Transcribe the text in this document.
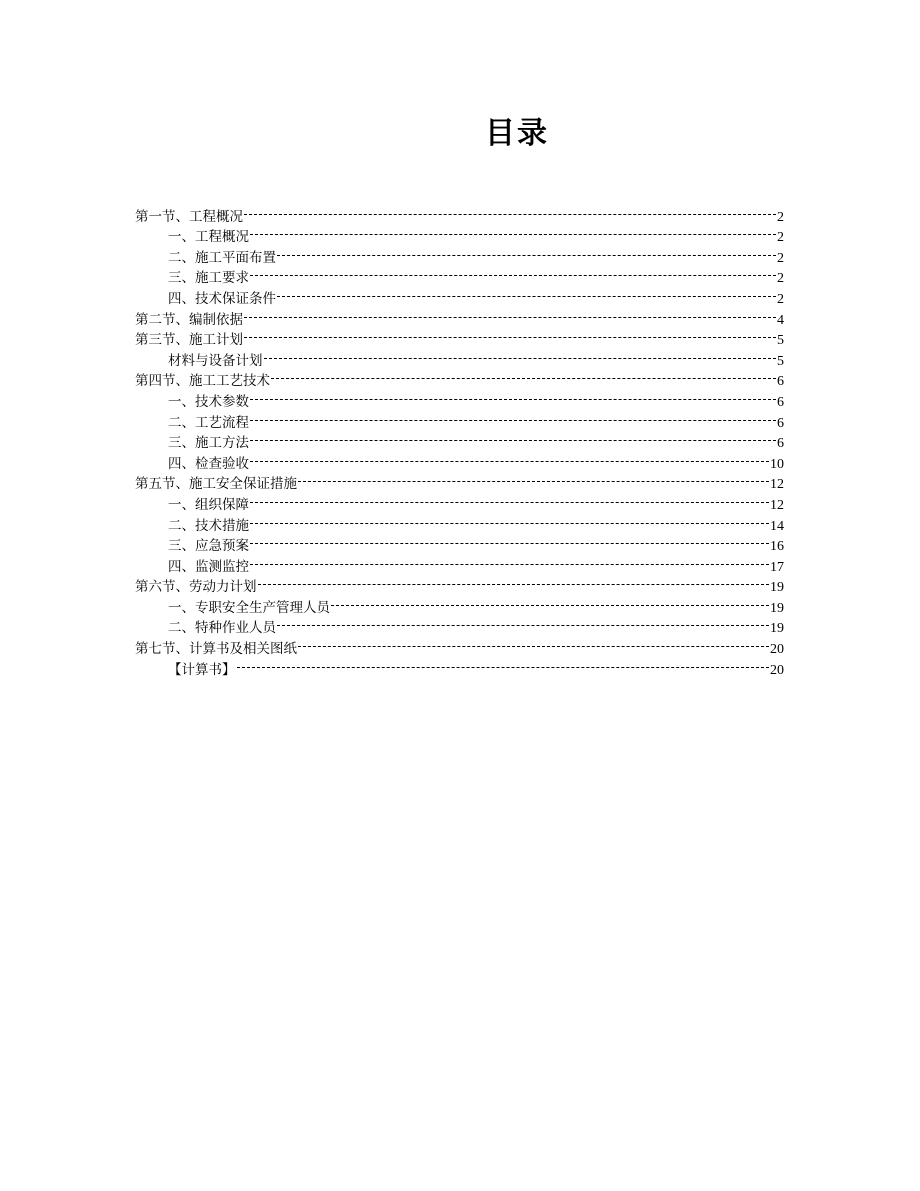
目录
第一节、工程概况	2
一、工程概况	2
二、施工平面布置	2
三、施工要求	2
四、技术保证条件	2
第二节、编制依据	4
第三节、施工计划	5
材料与设备计划	5
第四节、施工工艺技术	6
一、技术参数	6
二、工艺流程	6
三、施工方法	6
四、检查验收	10
第五节、施工安全保证措施	12
一、组织保障	12
二、技术措施	14
三、应急预案	16
四、监测监控	17
第六节、劳动力计划	19
一、专职安全生产管理人员	19
二、特种作业人员	19
第七节、计算书及相关图纸	20
【计算书】	20
